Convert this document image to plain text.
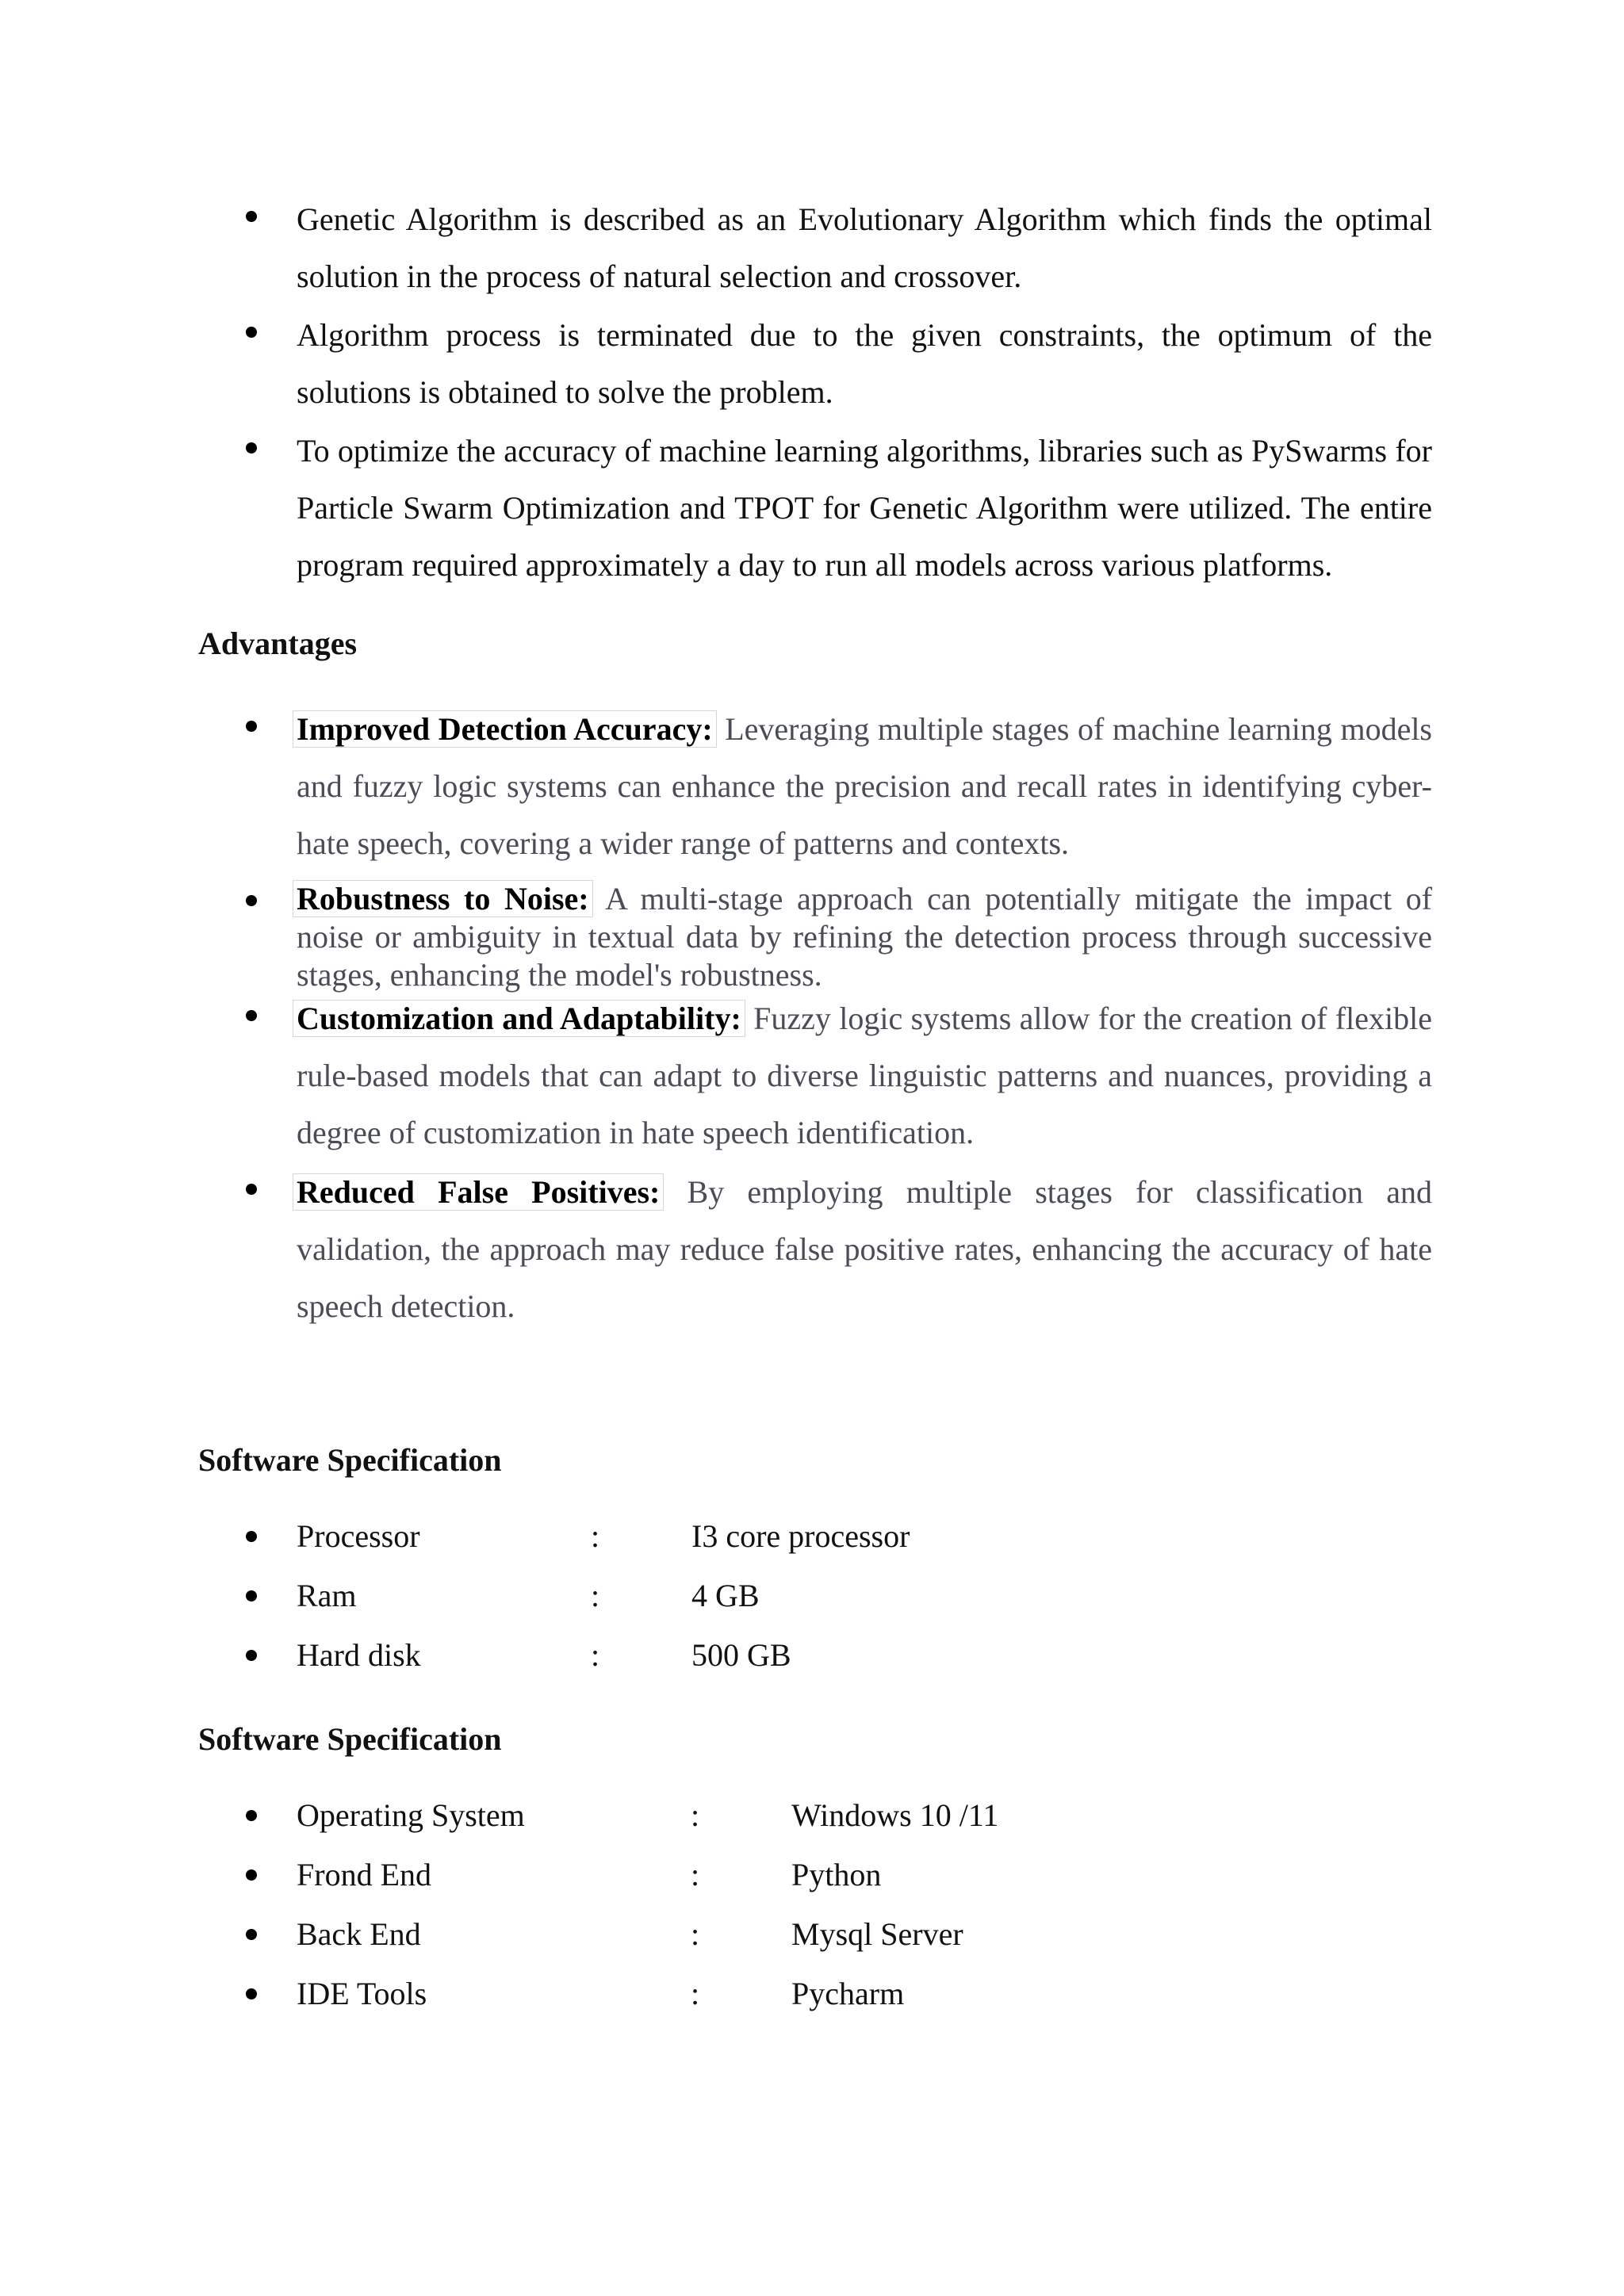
Genetic Algorithm is described as an Evolutionary Algorithm which finds the optimal solution in the process of natural selection and crossover.

Algorithm process is terminated due to the given constraints, the optimum of the solutions is obtained to solve the problem.

To optimize the accuracy of machine learning algorithms, libraries such as PySwarms for Particle Swarm Optimization and TPOT for Genetic Algorithm were utilized. The entire program required approximately a day to run all models across various platforms.

Advantages

Improved Detection Accuracy: Leveraging multiple stages of machine learning models and fuzzy logic systems can enhance the precision and recall rates in identifying cyber-hate speech, covering a wider range of patterns and contexts.

Robustness to Noise: A multi-stage approach can potentially mitigate the impact of noise or ambiguity in textual data by refining the detection process through successive stages, enhancing the model's robustness.

Customization and Adaptability: Fuzzy logic systems allow for the creation of flexible rule-based models that can adapt to diverse linguistic patterns and nuances, providing a degree of customization in hate speech identification.

Reduced False Positives: By employing multiple stages for classification and validation, the approach may reduce false positive rates, enhancing the accuracy of hate speech detection.

Software Specification
Processor	:	I3 core processor
Ram	:	4 GB
Hard disk	:	500 GB
Software Specification
Operating System	:	Windows 10 /11
Frond End	:	Python
Back End	:	Mysql Server
IDE Tools	:	Pycharm
